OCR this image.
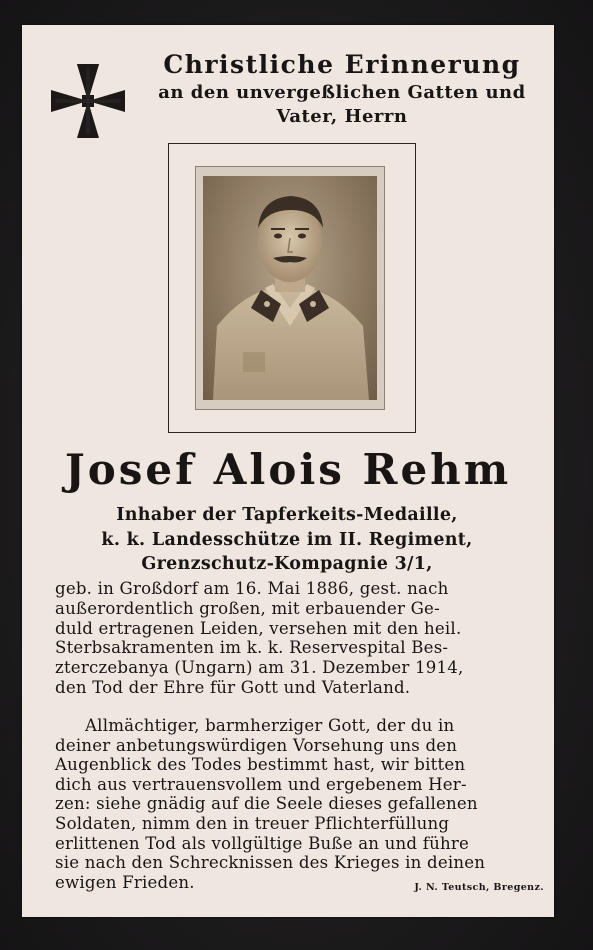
Christliche Erinnerung
an den unvergeßlichen Gatten und
Vater, Herrn
Josef Alois Rehm
Inhaber der Tapferkeits-Medaille,
k. k. Landesschütze im II. Regiment,
Grenzschutz-Kompagnie 3/1,
geb. in Großdorf am 16. Mai 1886, gest. nach
außerordentlich großen, mit erbauender Ge-
duld ertragenen Leiden, versehen mit den heil.
Sterbsakramenten im k. k. Reservespital Bes-
zterczebanya (Ungarn) am 31. Dezember 1914,
den Tod der Ehre für Gott und Vaterland.
Allmächtiger, barmherziger Gott, der du in
deiner anbetungswürdigen Vorsehung uns den
Augenblick des Todes bestimmt hast, wir bitten
dich aus vertrauensvollem und ergebenem Her-
zen: siehe gnädig auf die Seele dieses gefallenen
Soldaten, nimm den in treuer Pflichterfüllung
erlittenen Tod als vollgültige Buße an und führe
sie nach den Schrecknissen des Krieges in deinen
ewigen Frieden.	J. N. Teutsch, Bregenz.
